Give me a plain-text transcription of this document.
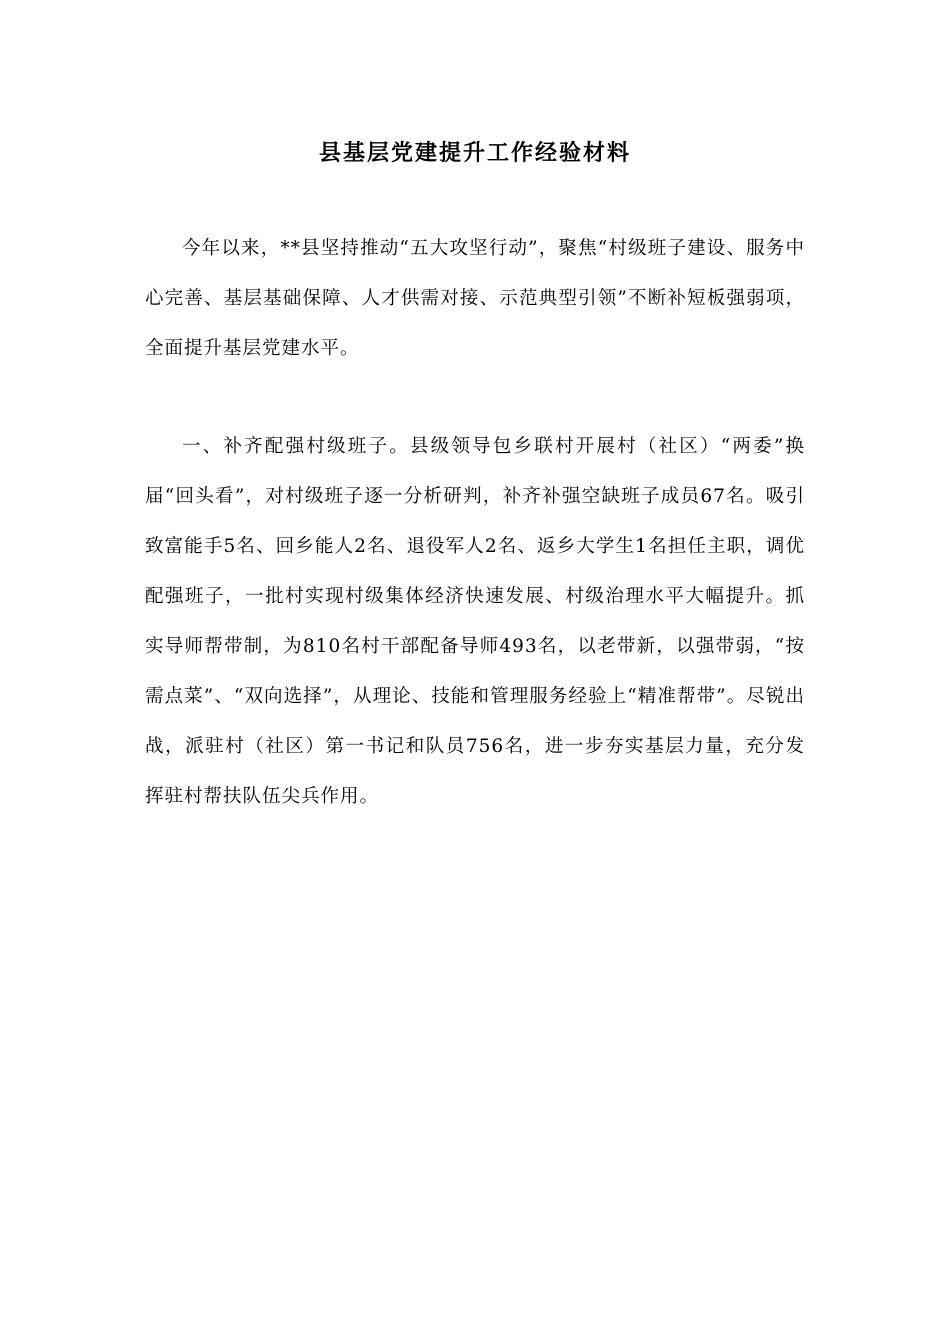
县基层党建提升工作经验材料

今年以来，**县坚持推动“五大攻坚行动”，聚焦“村级班子建设、服务中心完善、基层基础保障、人才供需对接、示范典型引领”不断补短板强弱项，全面提升基层党建水平。

一、补齐配强村级班子。县级领导包乡联村开展村（社区）“两委”换届“回头看”，对村级班子逐一分析研判，补齐补强空缺班子成员67名。吸引致富能手5名、回乡能人2名、退役军人2名、返乡大学生1名担任主职，调优配强班子，一批村实现村级集体经济快速发展、村级治理水平大幅提升。抓实导师帮带制，为810名村干部配备导师493名，以老带新，以强带弱，“按需点菜”、“双向选择”，从理论、技能和管理服务经验上“精准帮带”。尽锐出战，派驻村（社区）第一书记和队员756名，进一步夯实基层力量，充分发挥驻村帮扶队伍尖兵作用。
